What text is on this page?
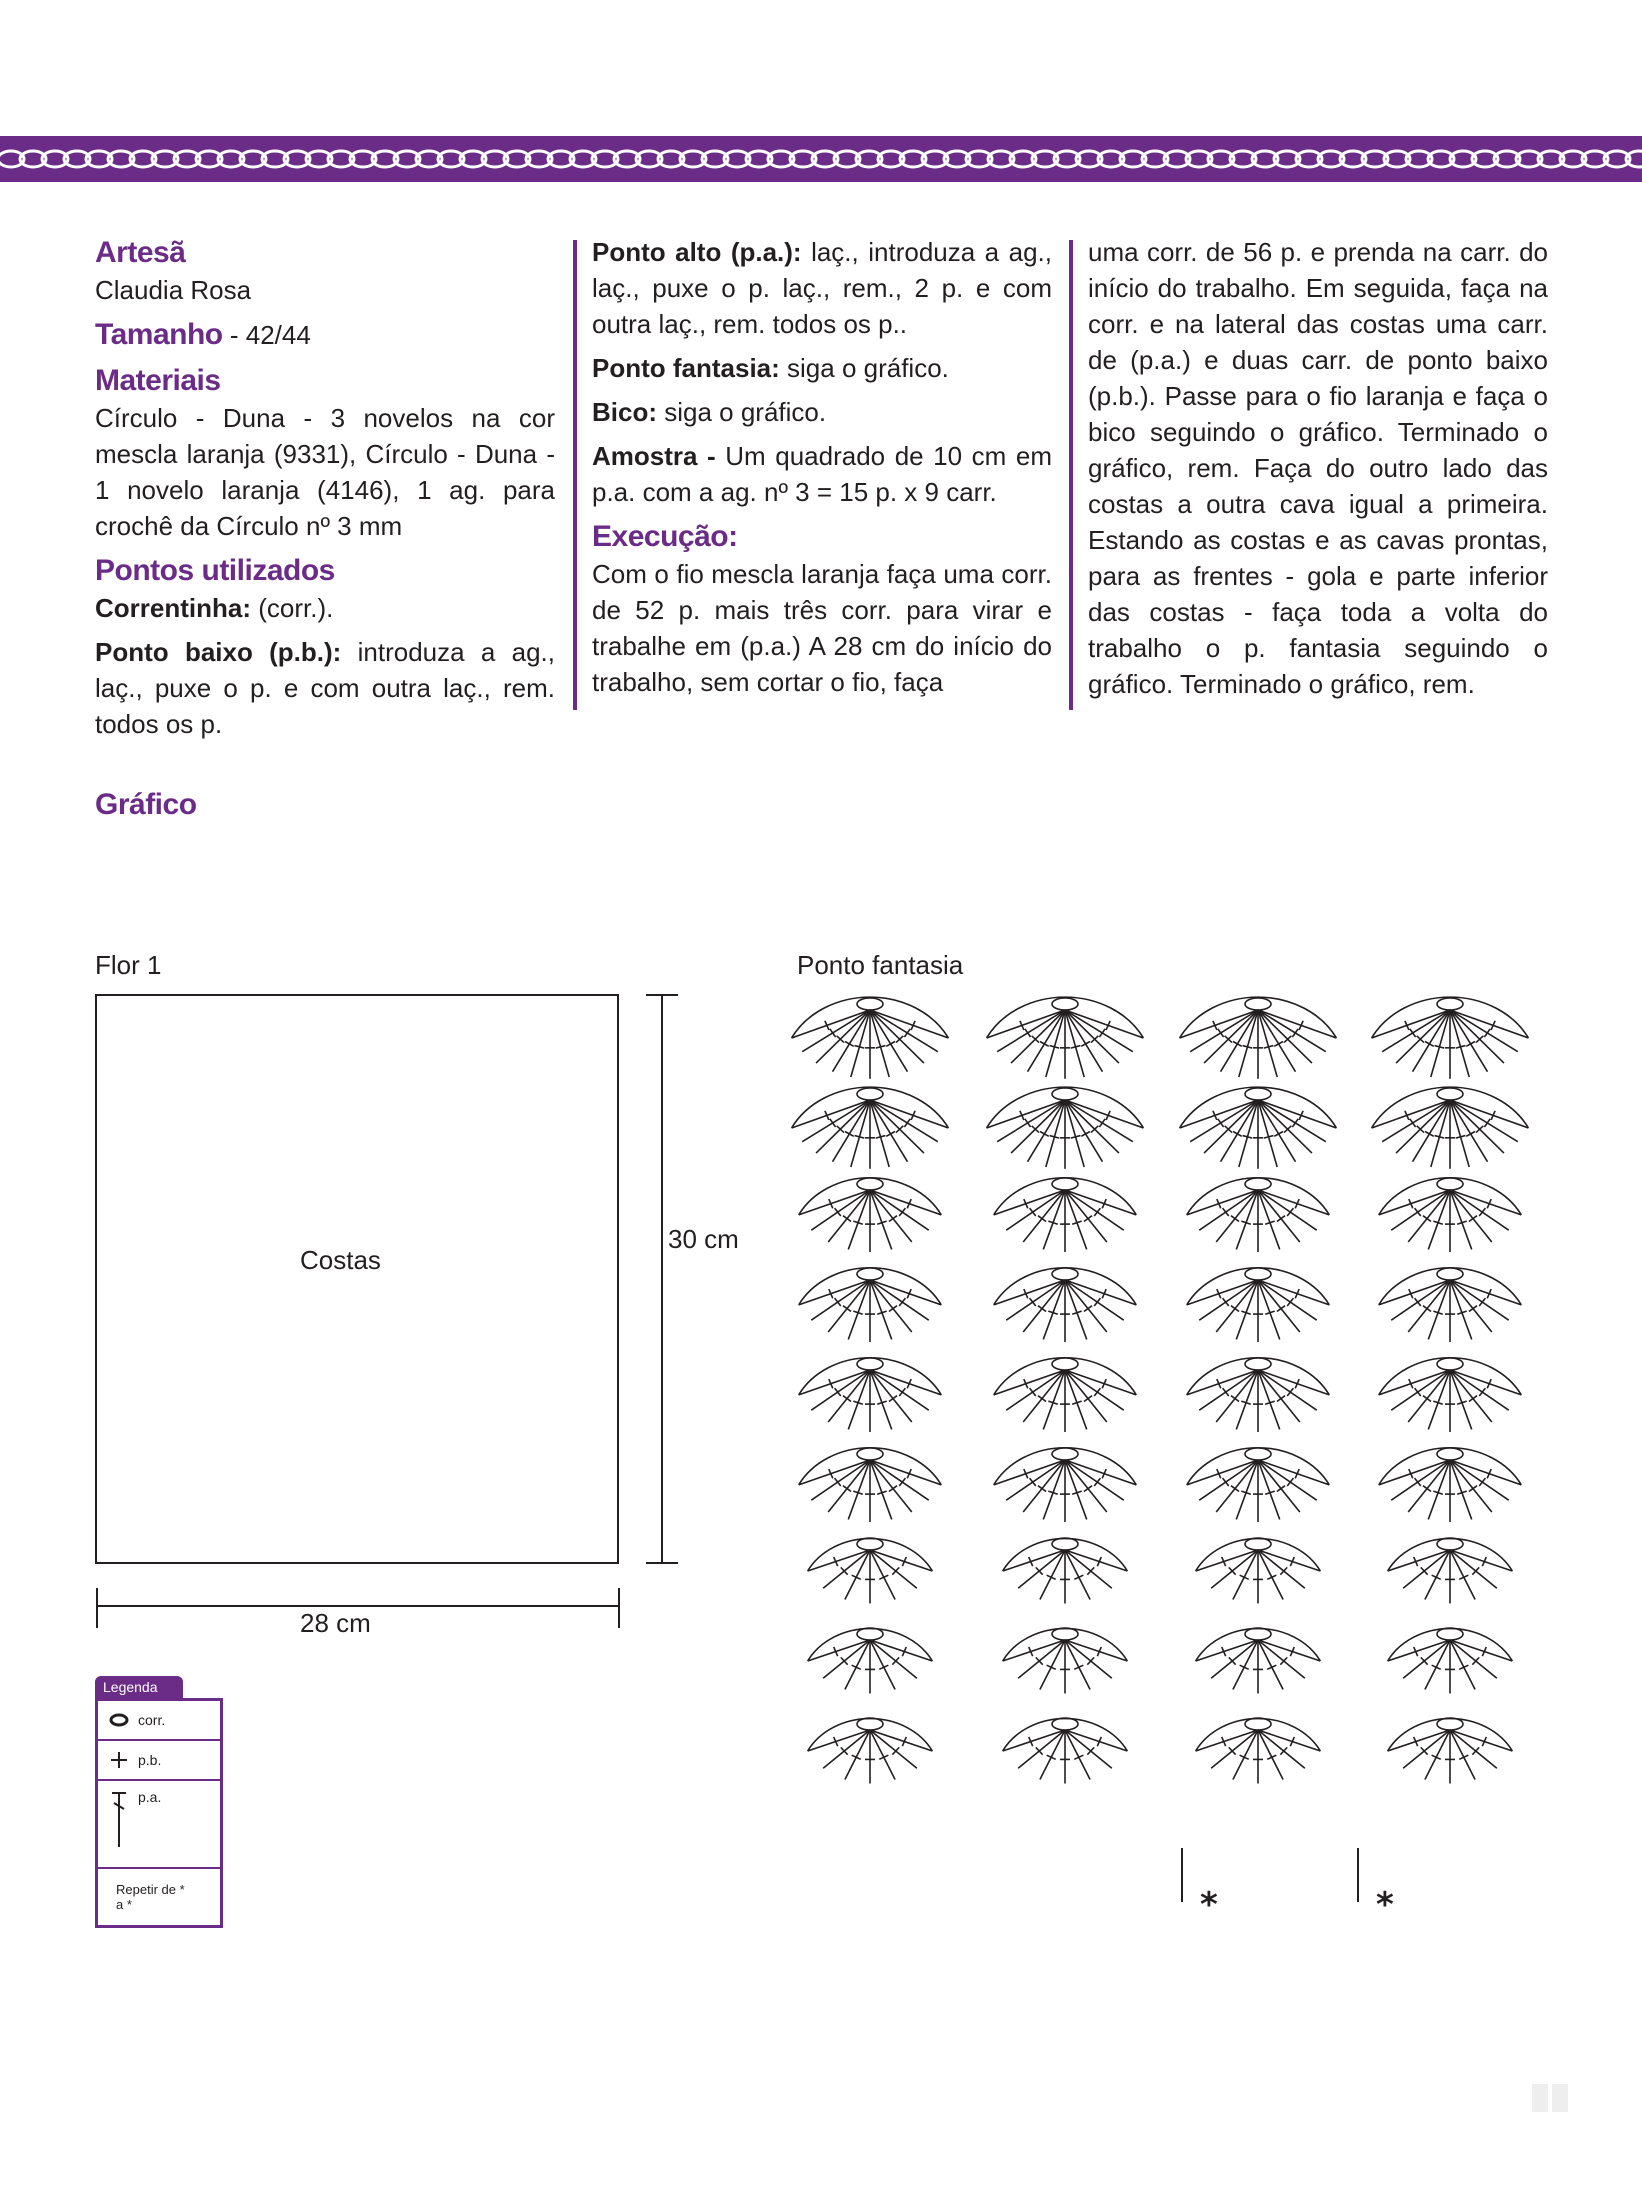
Artesã
Claudia Rosa
Tamanho - 42/44
Materiais
Círculo - Duna - 3 novelos na cor mescla laranja (9331), Círculo - Duna - 1 novelo laranja (4146), 1 ag. para crochê da Círculo nº 3 mm
Pontos utilizados
Correntinha: (corr.).
Ponto baixo (p.b.): introduza a ag., laç., puxe o p. e com outra laç., rem. todos os p.
Ponto alto (p.a.): laç., introduza a ag., laç., puxe o p. laç., rem., 2 p. e com outra laç., rem. todos os p..
Ponto fantasia: siga o gráfico.
Bico: siga o gráfico.
Amostra - Um quadrado de 10 cm em p.a. com a ag. nº 3 = 15 p. x 9 carr.
Execução:
Com o fio mescla laranja faça uma corr. de 52 p. mais três corr. para virar e trabalhe em (p.a.) A 28 cm do início do trabalho, sem cortar o fio, faça
uma corr. de 56 p. e prenda na carr. do início do trabalho. Em seguida, faça na corr. e na lateral das costas uma carr. de (p.a.) e duas carr. de ponto baixo (p.b.). Passe para o fio laranja e faça o bico seguindo o gráfico. Terminado o gráfico, rem. Faça do outro lado das costas a outra cava igual a primeira. Estando as costas e as cavas prontas, para as frentes - gola e parte inferior das costas - faça toda a volta do trabalho o p. fantasia seguindo o gráfico. Terminado o gráfico, rem.
Gráfico
Flor 1
Costas
30 cm
28 cm
Ponto fantasia
*	*
Legenda
corr.
p.b.
p.a.
Repetir de * a *
